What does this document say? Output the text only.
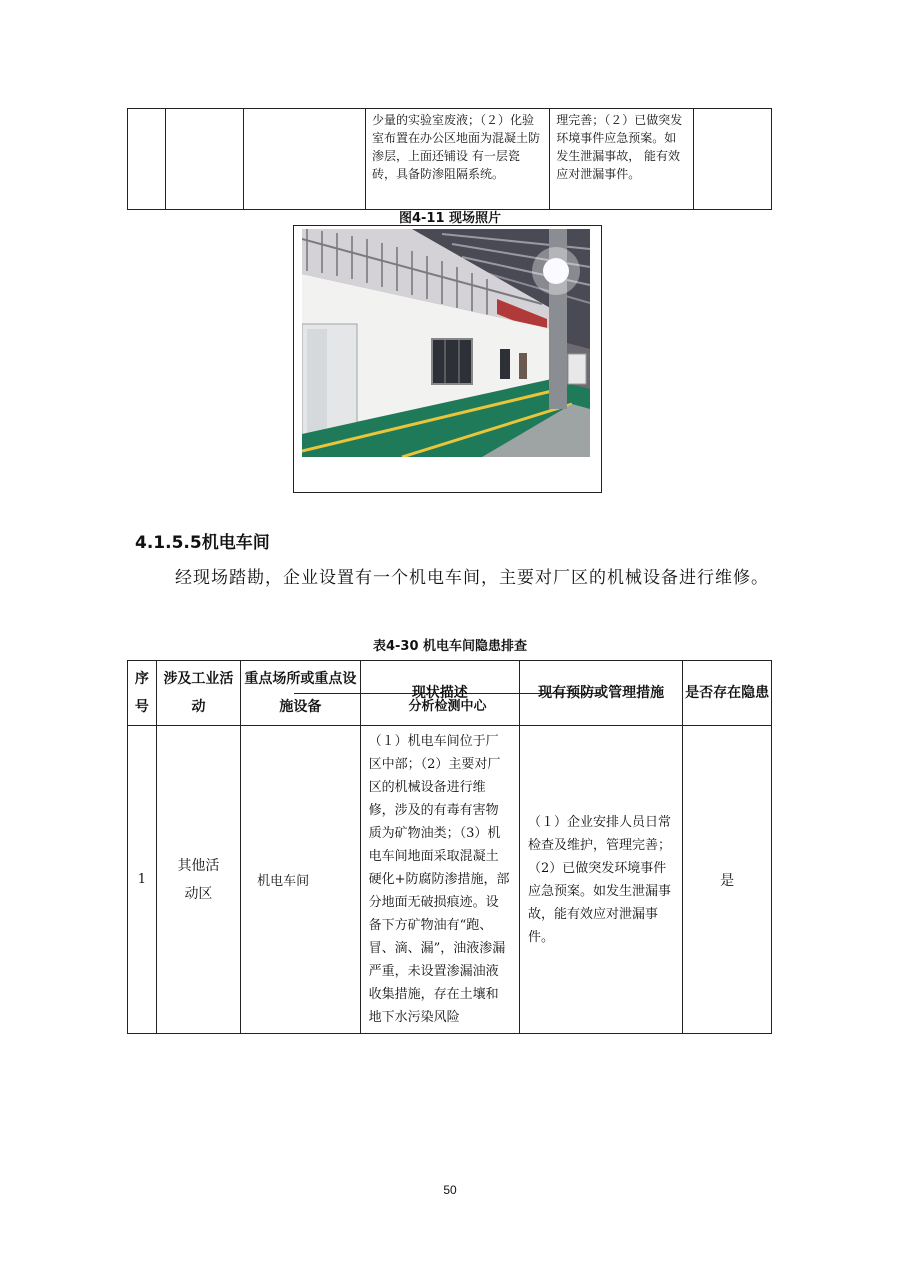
			少量的实验室废液；（２）化验室布置在办公区地面为混凝土防渗层，上面还铺设 有一层瓷砖，具备防渗阻隔系统。	理完善；（２）已做突发环境事件应急预案。如发生泄漏事故， 能有效应对泄漏事件。	
图4-11 现场照片
分析检测中心
4.1.5.5机电车间
经现场踏勘，企业设置有一个机电车间，主要对厂区的机械设备进行维修。
表4-30 机电车间隐患排查
序号	涉及工业活动	重点场所或重点设施设备	现状描述	现有预防或管理措施	是否存在隐患
1	其他活动区	机电车间	（１）机电车间位于厂区中部；（2）主要对厂区的机械设备进行维修，涉及的有毒有害物质为矿物油类；（3）机电车间地面采取混凝土硬化+防腐防渗措施，部分地面无破损痕迹。设备下方矿物油有“跑、冒、滴、漏”，油液渗漏严重，未设置渗漏油液收集措施，存在土壤和地下水污染风险	（１）企业安排人员日常检查及维护，管理完善；（2）已做突发环境事件应急预案。如发生泄漏事故，能有效应对泄漏事件。	是
50
